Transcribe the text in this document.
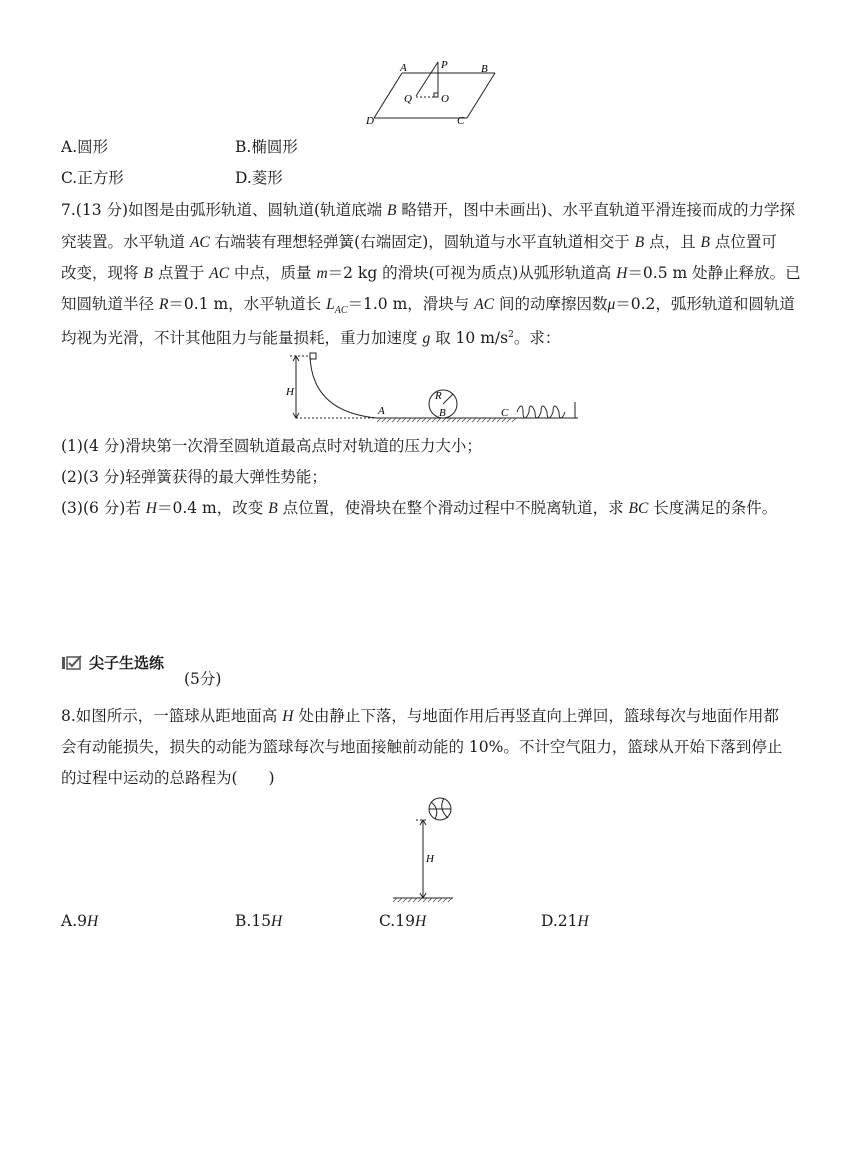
A	P	B
Q	O
D	C
A.圆形	B.椭圆形
C.正方形	D.菱形
7.(13 分)如图是由弧形轨道、圆轨道(轨道底端 B 略错开，图中未画出)、水平直轨道平滑连接而成的力学探
究装置。水平轨道 AC 右端装有理想轻弹簧(右端固定)，圆轨道与水平直轨道相交于 B 点，且 B 点位置可
改变，现将 B 点置于 AC 中点，质量 m＝2 kg 的滑块(可视为质点)从弧形轨道高 H＝0.5 m 处静止释放。已
知圆轨道半径 R＝0.1 m，水平轨道长 $L_{AC}=1.0$ m，滑块与 AC 间的动摩擦因数μ＝0.2，弧形轨道和圆轨道
均视为光滑，不计其他阻力与能量损耗，重力加速度 g 取 10 $m/s^2$。求：
H
A
R
B	C
(1)(4 分)滑块第一次滑至圆轨道最高点时对轨道的压力大小；
(2)(3 分)轻弹簧获得的最大弹性势能；
(3)(6 分)若 H＝0.4 m，改变 B 点位置，使滑块在整个滑动过程中不脱离轨道，求 BC 长度满足的条件。
尖子生选练
(5分)
8.如图所示，一篮球从距地面高 H 处由静止下落，与地面作用后再竖直向上弹回，篮球每次与地面作用都
会有动能损失，损失的动能为篮球每次与地面接触前动能的 10%。不计空气阻力，篮球从开始下落到停止
的过程中运动的总路程为(　　)
H
A.9H	B.15H	C.19H	D.21H
